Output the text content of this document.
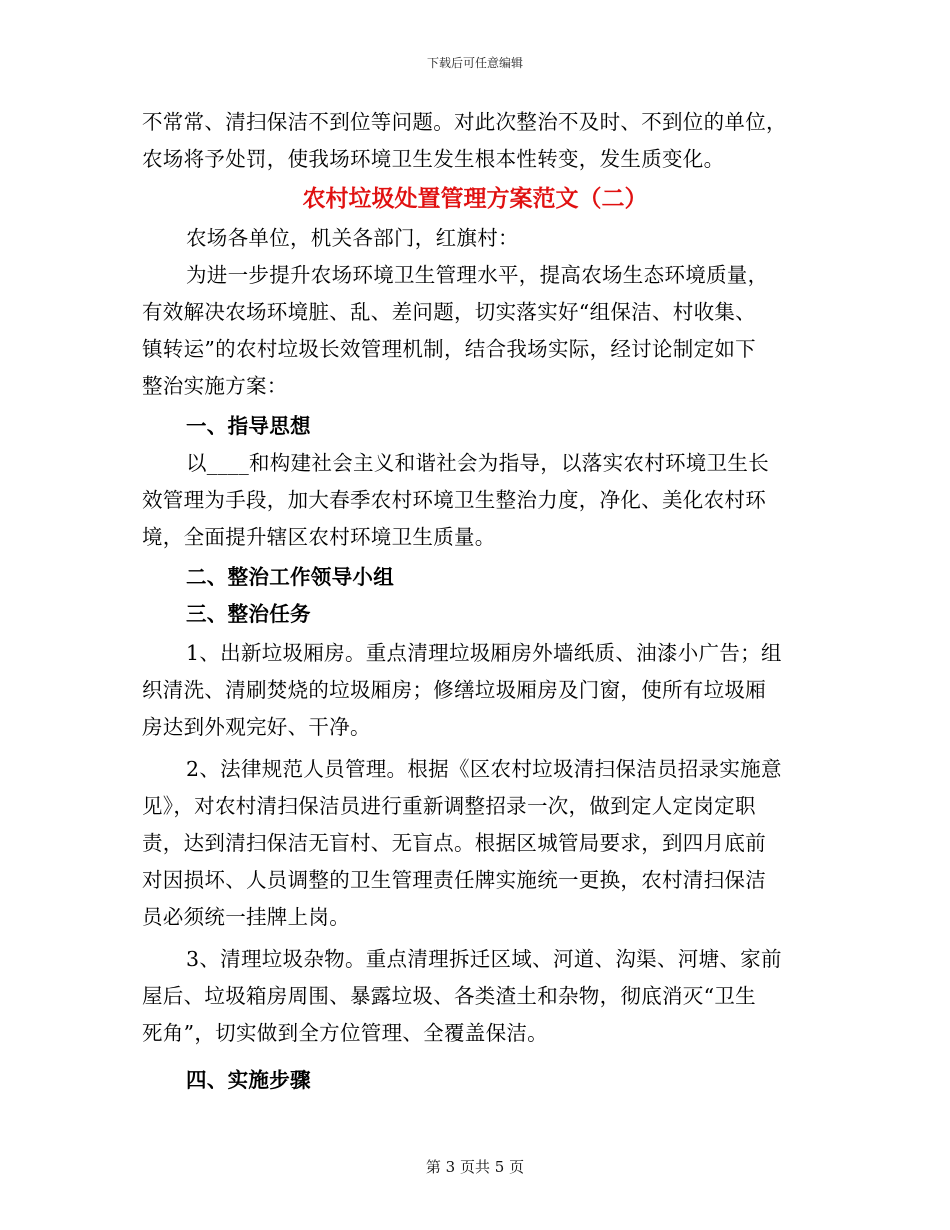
下载后可任意编辑
不常常、清扫保洁不到位等问题。对此次整治不及时、不到位的单位，
农场将予处罚，使我场环境卫生发生根本性转变，发生质变化。
农村垃圾处置管理方案范文（二）
农场各单位，机关各部门，红旗村：
为进一步提升农场环境卫生管理水平，提高农场生态环境质量，
有效解决农场环境脏、乱、差问题，切实落实好“组保洁、村收集、
镇转运”的农村垃圾长效管理机制，结合我场实际，经讨论制定如下
整治实施方案：
一、指导思想
以____和构建社会主义和谐社会为指导，以落实农村环境卫生长
效管理为手段，加大春季农村环境卫生整治力度，净化、美化农村环
境，全面提升辖区农村环境卫生质量。
二、整治工作领导小组
三、整治任务
1、出新垃圾厢房。重点清理垃圾厢房外墙纸质、油漆小广告；组
织清洗、清刷焚烧的垃圾厢房；修缮垃圾厢房及门窗，使所有垃圾厢
房达到外观完好、干净。
2、法律规范人员管理。根据《区农村垃圾清扫保洁员招录实施意
见》，对农村清扫保洁员进行重新调整招录一次，做到定人定岗定职
责，达到清扫保洁无盲村、无盲点。根据区城管局要求，到四月底前
对因损坏、人员调整的卫生管理责任牌实施统一更换，农村清扫保洁
员必须统一挂牌上岗。
3、清理垃圾杂物。重点清理拆迁区域、河道、沟渠、河塘、家前
屋后、垃圾箱房周围、暴露垃圾、各类渣土和杂物，彻底消灭“卫生
死角”，切实做到全方位管理、全覆盖保洁。
四、实施步骤
第 3 页共 5 页
